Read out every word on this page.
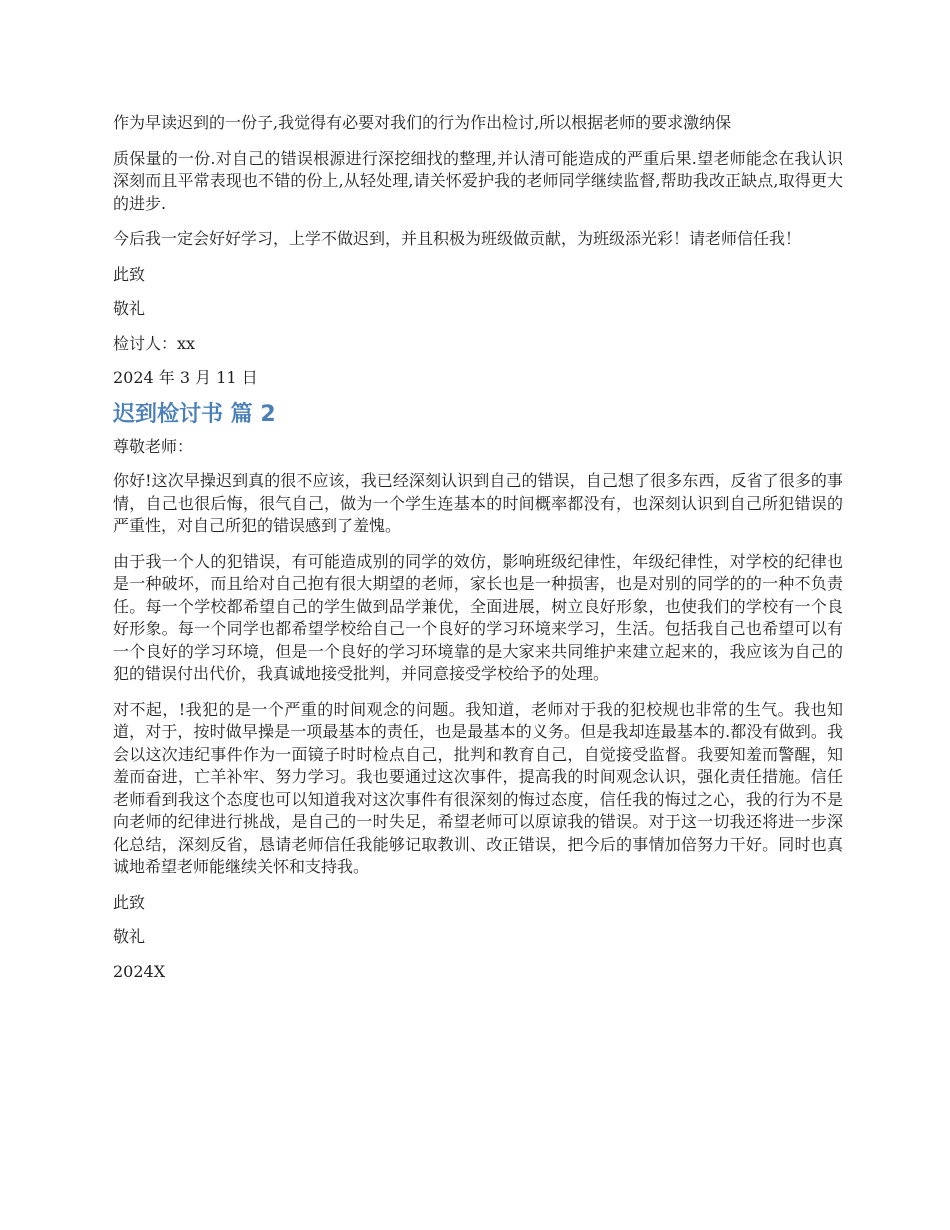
作为早读迟到的一份子,我觉得有必要对我们的行为作出检讨,所以根据老师的要求激纳保

质保量的一份.对自己的错误根源进行深挖细找的整理,并认清可能造成的严重后果.望老师能念在我认识深刻而且平常表现也不错的份上,从轻处理,请关怀爱护我的老师同学继续监督,帮助我改正缺点,取得更大的进步.

今后我一定会好好学习，上学不做迟到，并且积极为班级做贡献，为班级添光彩！请老师信任我！

此致

敬礼

检讨人：xx

2024 年 3 月 11 日

迟到检讨书 篇 2

尊敬老师：

你好!这次早操迟到真的很不应该，我已经深刻认识到自己的错误，自己想了很多东西，反省了很多的事情，自己也很后悔，很气自己，做为一个学生连基本的时间概率都没有，也深刻认识到自己所犯错误的严重性，对自己所犯的错误感到了羞愧。

由于我一个人的犯错误，有可能造成别的同学的效仿，影响班级纪律性，年级纪律性，对学校的纪律也是一种破坏，而且给对自己抱有很大期望的老师，家长也是一种损害，也是对别的同学的的一种不负责任。每一个学校都希望自己的学生做到品学兼优，全面进展，树立良好形象，也使我们的学校有一个良好形象。每一个同学也都希望学校给自己一个良好的学习环境来学习，生活。包括我自己也希望可以有一个良好的学习环境，但是一个良好的学习环境靠的是大家来共同维护来建立起来的，我应该为自己的犯的错误付出代价，我真诚地接受批判，并同意接受学校给予的处理。

对不起，!我犯的是一个严重的时间观念的问题。我知道，老师对于我的犯校规也非常的生气。我也知道，对于，按时做早操是一项最基本的责任，也是最基本的义务。但是我却连最基本的.都没有做到。我会以这次违纪事件作为一面镜子时时检点自己，批判和教育自己，自觉接受监督。我要知羞而警醒，知羞而奋进，亡羊补牢、努力学习。我也要通过这次事件，提高我的时间观念认识，强化责任措施。信任老师看到我这个态度也可以知道我对这次事件有很深刻的悔过态度，信任我的悔过之心，我的行为不是向老师的纪律进行挑战，是自己的一时失足，希望老师可以原谅我的错误。对于这一切我还将进一步深化总结，深刻反省，恳请老师信任我能够记取教训、改正错误，把今后的事情加倍努力干好。同时也真诚地希望老师能继续关怀和支持我。

此致

敬礼

2024X
